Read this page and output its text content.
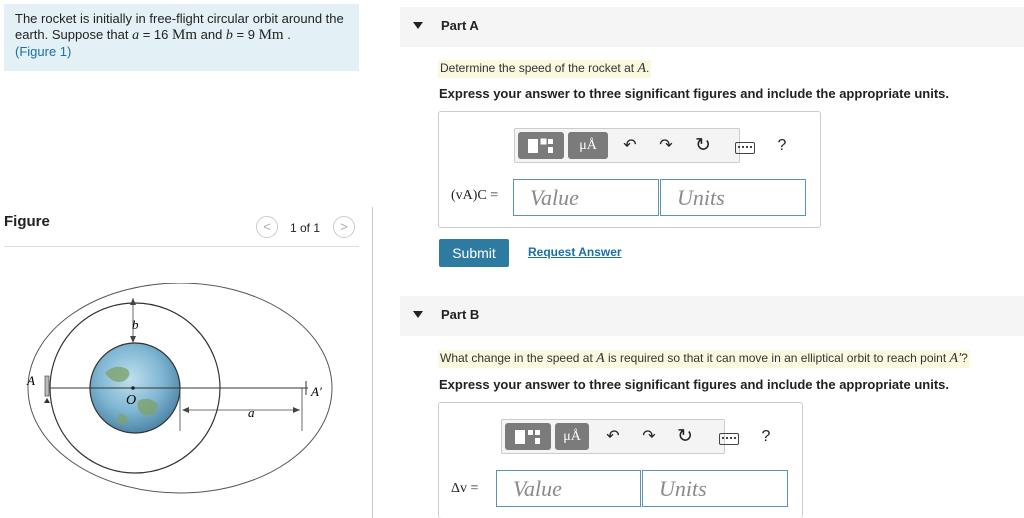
The rocket is initially in free-flight circular orbit around the earth. Suppose that a = 16 Mm and b = 9 Mm .
(Figure 1)
Figure	<	1 of 1	>
b
a
O
A
A′
Part A
Determine the speed of the rocket at A.
Express your answer to three significant figures and include the appropriate units.
μÅ	↶	↷ ↻	?
(vA)C =	Value	Units
Submit	Request Answer
Part B
What change in the speed at A is required so that it can move in an elliptical orbit to reach point A′?
Express your answer to three significant figures and include the appropriate units.
μÅ	↶	↷ ↻	?
Δv =	Value	Units
